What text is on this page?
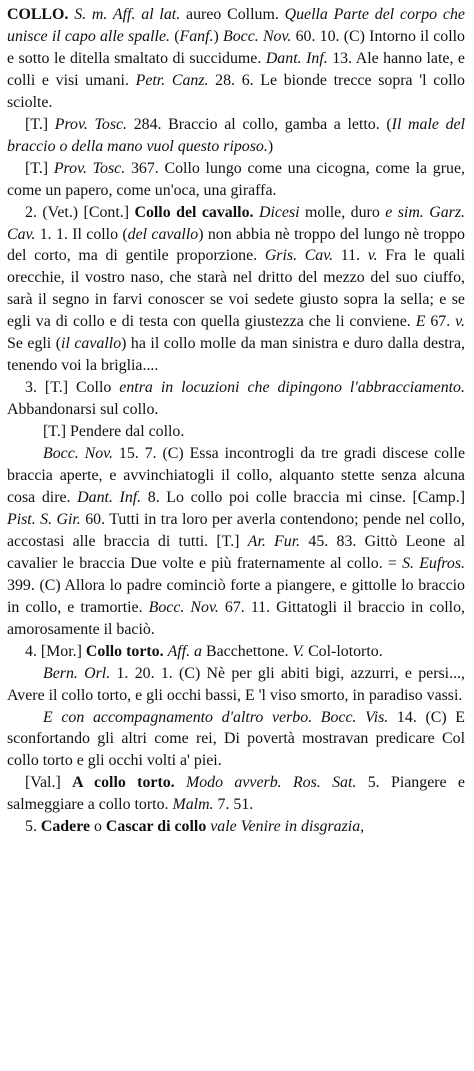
COLLO. S. m. Aff. al lat. aureo Collum. Quella Parte del corpo che unisce il capo alle spalle. (Fanf.) Bocc. Nov. 60. 10. (C) Intorno il collo e sotto le ditella smaltato di succidume. Dant. Inf. 13. Ale hanno late, e colli e visi umani. Petr. Canz. 28. 6. Le bionde trecce sopra 'l collo sciolte.

[T.] Prov. Tosc. 284. Braccio al collo, gamba a letto. (Il male del braccio o della mano vuol questo riposo.)

[T.] Prov. Tosc. 367. Collo lungo come una cicogna, come la grue, come un papero, come un'oca, una giraffa.

2. (Vet.) [Cont.] Collo del cavallo. Dicesi molle, duro e sim. Garz. Cav. 1. 1. Il collo (del cavallo) non abbia nè troppo del lungo nè troppo del corto, ma di gentile proporzione. Gris. Cav. 11. v. Fra le quali orecchie, il vostro naso, che starà nel dritto del mezzo del suo ciuffo, sarà il segno in farvi conoscer se voi sedete giusto sopra la sella; e se egli va di collo e di testa con quella giustezza che li conviene. E 67. v. Se egli (il cavallo) ha il collo molle da man sinistra e duro dalla destra, tenendo voi la briglia....

3. [T.] Collo entra in locuzioni che dipingono l'abbracciamento. Abbandonarsi sul collo.

[T.] Pendere dal collo.

Bocc. Nov. 15. 7. (C) Essa incontrogli da tre gradi discese colle braccia aperte, e avvinchiatogli il collo, alquanto stette senza alcuna cosa dire. Dant. Inf. 8. Lo collo poi colle braccia mi cinse. [Camp.] Pist. S. Gir. 60. Tutti in tra loro per averla contendono; pende nel collo, accostasi alle braccia di tutti. [T.] Ar. Fur. 45. 83. Gittò Leone al cavalier le braccia Due volte e più fraternamente al collo. = S. Eufros. 399. (C) Allora lo padre cominciò forte a piangere, e gittolle lo braccio in collo, e tramortie. Bocc. Nov. 67. 11. Gittatogli il braccio in collo, amorosamente il baciò.

4. [Mor.] Collo torto. Aff. a Bacchettone. V. Col-lotorto.

Bern. Orl. 1. 20. 1. (C) Nè per gli abiti bigi, azzurri, e persi..., Avere il collo torto, e gli occhi bassi, E 'l viso smorto, in paradiso vassi.

E con accompagnamento d'altro verbo. Bocc. Vis. 14. (C) E sconfortando gli altri come rei, Di povertà mostravan predicare Col collo torto e gli occhi volti a' piei.

[Val.] A collo torto. Modo avverb. Ros. Sat. 5. Piangere e salmeggiare a collo torto. Malm. 7. 51.

5. Cadere o Cascar di collo vale Venire in disgrazia,
